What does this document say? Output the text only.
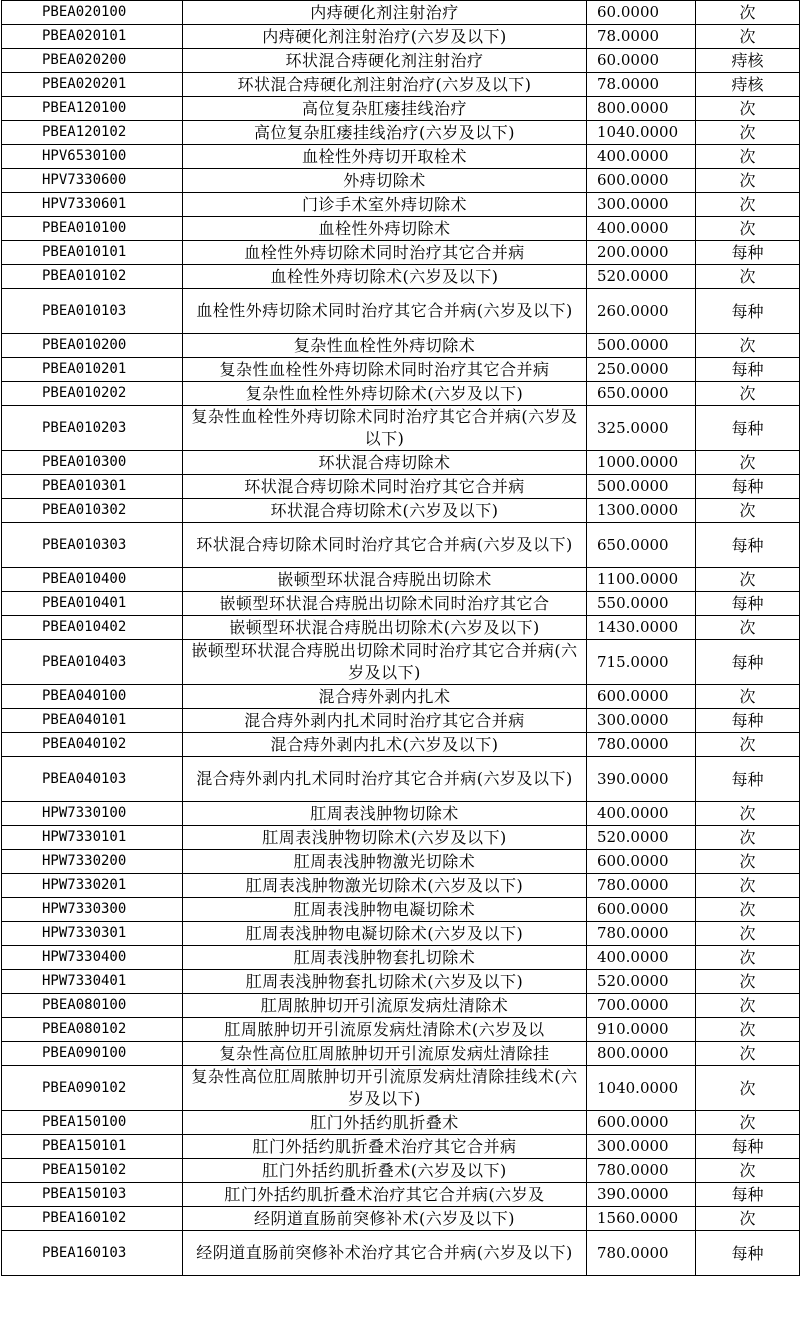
PBEA020100	内痔硬化剂注射治疗	60.0000	次
PBEA020101	内痔硬化剂注射治疗(六岁及以下)	78.0000	次
PBEA020200	环状混合痔硬化剂注射治疗	60.0000	痔核
PBEA020201	环状混合痔硬化剂注射治疗(六岁及以下)	78.0000	痔核
PBEA120100	高位复杂肛瘘挂线治疗	800.0000	次
PBEA120102	高位复杂肛瘘挂线治疗(六岁及以下)	1040.0000	次
HPV6530100	血栓性外痔切开取栓术	400.0000	次
HPV7330600	外痔切除术	600.0000	次
HPV7330601	门诊手术室外痔切除术	300.0000	次
PBEA010100	血栓性外痔切除术	400.0000	次
PBEA010101	血栓性外痔切除术同时治疗其它合并病	200.0000	每种
PBEA010102	血栓性外痔切除术(六岁及以下)	520.0000	次
PBEA010103	血栓性外痔切除术同时治疗其它合并病(六岁及以下)	260.0000	每种
PBEA010200	复杂性血栓性外痔切除术	500.0000	次
PBEA010201	复杂性血栓性外痔切除术同时治疗其它合并病	250.0000	每种
PBEA010202	复杂性血栓性外痔切除术(六岁及以下)	650.0000	次
PBEA010203	复杂性血栓性外痔切除术同时治疗其它合并病(六岁及以下)	325.0000	每种
PBEA010300	环状混合痔切除术	1000.0000	次
PBEA010301	环状混合痔切除术同时治疗其它合并病	500.0000	每种
PBEA010302	环状混合痔切除术(六岁及以下)	1300.0000	次
PBEA010303	环状混合痔切除术同时治疗其它合并病(六岁及以下)	650.0000	每种
PBEA010400	嵌顿型环状混合痔脱出切除术	1100.0000	次
PBEA010401	嵌顿型环状混合痔脱出切除术同时治疗其它合	550.0000	每种
PBEA010402	嵌顿型环状混合痔脱出切除术(六岁及以下)	1430.0000	次
PBEA010403	嵌顿型环状混合痔脱出切除术同时治疗其它合并病(六岁及以下)	715.0000	每种
PBEA040100	混合痔外剥内扎术	600.0000	次
PBEA040101	混合痔外剥内扎术同时治疗其它合并病	300.0000	每种
PBEA040102	混合痔外剥内扎术(六岁及以下)	780.0000	次
PBEA040103	混合痔外剥内扎术同时治疗其它合并病(六岁及以下)	390.0000	每种
HPW7330100	肛周表浅肿物切除术	400.0000	次
HPW7330101	肛周表浅肿物切除术(六岁及以下)	520.0000	次
HPW7330200	肛周表浅肿物激光切除术	600.0000	次
HPW7330201	肛周表浅肿物激光切除术(六岁及以下)	780.0000	次
HPW7330300	肛周表浅肿物电凝切除术	600.0000	次
HPW7330301	肛周表浅肿物电凝切除术(六岁及以下)	780.0000	次
HPW7330400	肛周表浅肿物套扎切除术	400.0000	次
HPW7330401	肛周表浅肿物套扎切除术(六岁及以下)	520.0000	次
PBEA080100	肛周脓肿切开引流原发病灶清除术	700.0000	次
PBEA080102	肛周脓肿切开引流原发病灶清除术(六岁及以	910.0000	次
PBEA090100	复杂性高位肛周脓肿切开引流原发病灶清除挂	800.0000	次
PBEA090102	复杂性高位肛周脓肿切开引流原发病灶清除挂线术(六岁及以下)	1040.0000	次
PBEA150100	肛门外括约肌折叠术	600.0000	次
PBEA150101	肛门外括约肌折叠术治疗其它合并病	300.0000	每种
PBEA150102	肛门外括约肌折叠术(六岁及以下)	780.0000	次
PBEA150103	肛门外括约肌折叠术治疗其它合并病(六岁及	390.0000	每种
PBEA160102	经阴道直肠前突修补术(六岁及以下)	1560.0000	次
PBEA160103	经阴道直肠前突修补术治疗其它合并病(六岁及以下)	780.0000	每种
